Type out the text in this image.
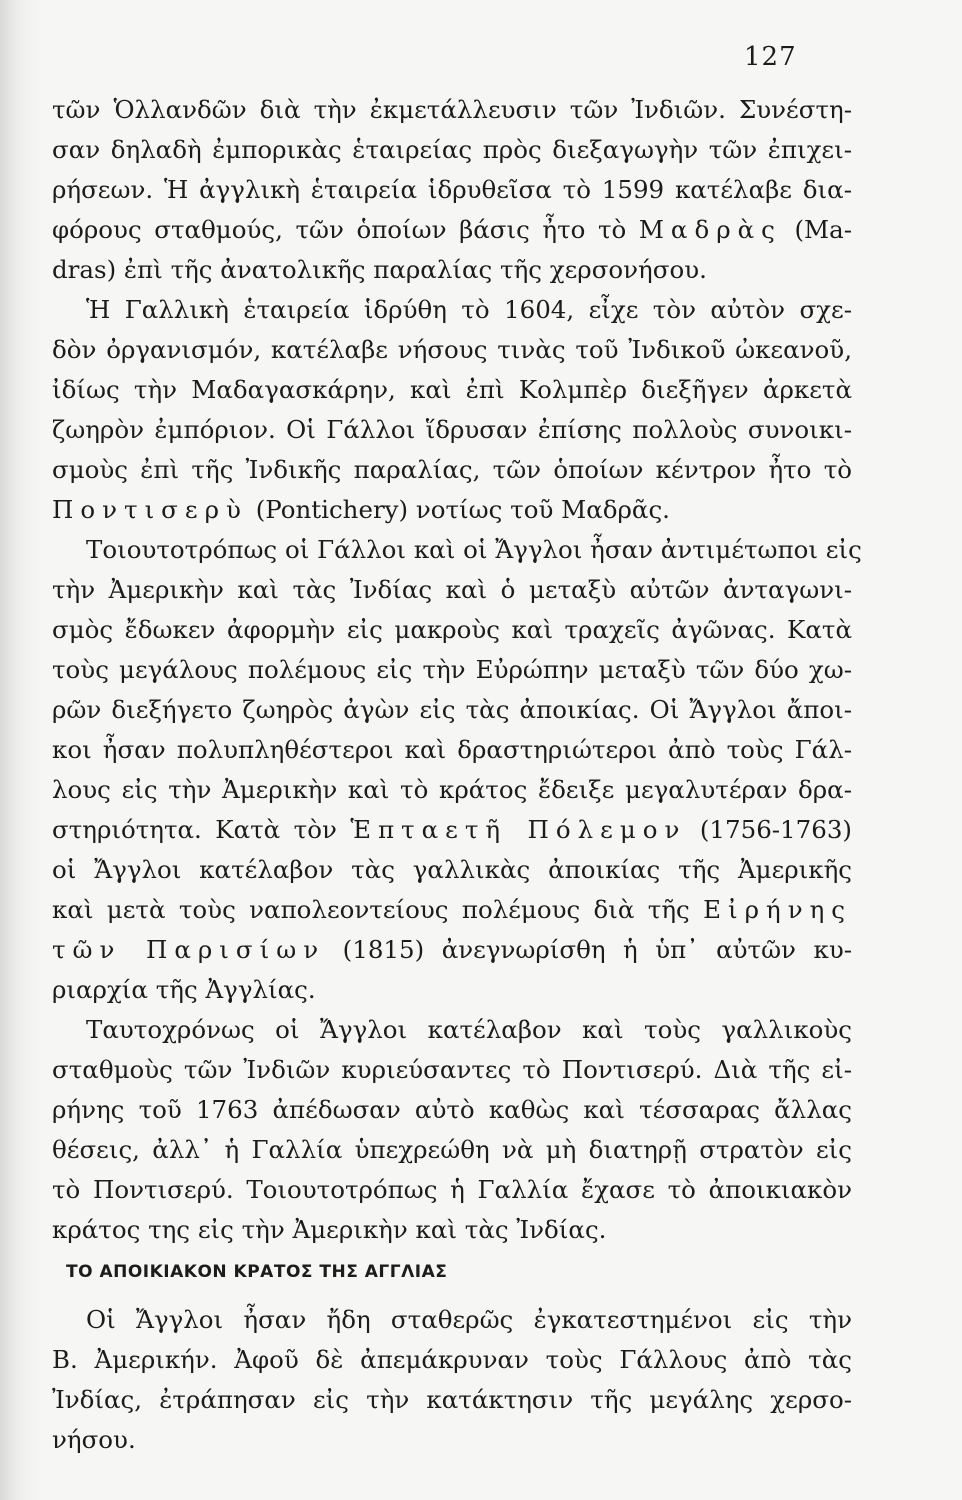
127
τῶν Ὁλλανδῶν διὰ τὴν ἐκμετάλλευσιν τῶν Ἰνδιῶν. Συνέστη-
σαν δηλαδὴ ἐμπορικὰς ἑταιρείας πρὸς διεξαγωγὴν τῶν ἐπιχει-
ρήσεων. Ἡ ἀγγλικὴ ἑταιρεία ἱδρυθεῖσα τὸ 1599 κατέλαβε δια-
φόρους σταθμούς, τῶν ὁποίων βάσις ἦτο τὸ Μαδρὰς (Ma-
dras) ἐπὶ τῆς ἀνατολικῆς παραλίας τῆς χερσονήσου.
Ἡ Γαλλικὴ ἑταιρεία ἱδρύθη τὸ 1604, εἶχε τὸν αὐτὸν σχε-
δὸν ὀργανισμόν, κατέλαβε νήσους τινὰς τοῦ Ἰνδικοῦ ὠκεανοῦ,
ἰδίως τὴν Μαδαγασκάρην, καὶ ἐπὶ Κολμπὲρ διεξῆγεν ἀρκετὰ
ζωηρὸν ἐμπόριον. Οἱ Γάλλοι ἵδρυσαν ἐπίσης πολλοὺς συνοικι-
σμοὺς ἐπὶ τῆς Ἰνδικῆς παραλίας, τῶν ὁποίων κέντρον ἦτο τὸ
Ποντισερὺ (Pontichery) νοτίως τοῦ Μαδρᾶς.
Τοιουτοτρόπως οἱ Γάλλοι καὶ οἱ Ἄγγλοι ἦσαν ἀντιμέτωποι εἰς
τὴν Ἀμερικὴν καὶ τὰς Ἰνδίας καὶ ὁ μεταξὺ αὐτῶν ἀνταγωνι-
σμὸς ἔδωκεν ἀφορμὴν εἰς μακροὺς καὶ τραχεῖς ἀγῶνας. Κατὰ
τοὺς μεγάλους πολέμους εἰς τὴν Εὐρώπην μεταξὺ τῶν δύο χω-
ρῶν διεξήγετο ζωηρὸς ἀγὼν εἰς τὰς ἀποικίας. Οἱ Ἄγγλοι ἄποι-
κοι ἦσαν πολυπληθέστεροι καὶ δραστηριώτεροι ἀπὸ τοὺς Γάλ-
λους εἰς τὴν Ἀμερικὴν καὶ τὸ κράτος ἔδειξε μεγαλυτέραν δρα-
στηριότητα. Κατὰ τὸν Ἑπταετῆ Πόλεμον (1756-1763)
οἱ Ἄγγλοι κατέλαβον τὰς γαλλικὰς ἀποικίας τῆς Ἀμερικῆς
καὶ μετὰ τοὺς ναπολεοντείους πολέμους διὰ τῆς Εἰρήνης
τῶν Παρισίων (1815) ἀνεγνωρίσθη ἡ ὑπ᾽ αὐτῶν κυ-
ριαρχία τῆς Ἀγγλίας.
Ταυτοχρόνως οἱ Ἄγγλοι κατέλαβον καὶ τοὺς γαλλικοὺς
σταθμοὺς τῶν Ἰνδιῶν κυριεύσαντες τὸ Ποντισερύ. Διὰ τῆς εἰ-
ρήνης τοῦ 1763 ἀπέδωσαν αὐτὸ καθὼς καὶ τέσσαρας ἄλλας
θέσεις, ἀλλ᾽ ἡ Γαλλία ὑπεχρεώθη νὰ μὴ διατηρῇ στρατὸν εἰς
τὸ Ποντισερύ. Τοιουτοτρόπως ἡ Γαλλία ἔχασε τὸ ἀποικιακὸν
κράτος της εἰς τὴν Ἀμερικὴν καὶ τὰς Ἰνδίας.
ΤΟ ΑΠΟΙΚΙΑΚΟΝ ΚΡΑΤΟΣ ΤΗΣ ΑΓΓΛΙΑΣ
Οἱ Ἄγγλοι ἦσαν ἤδη σταθερῶς ἐγκατεστημένοι εἰς τὴν
Β. Ἀμερικήν. Ἀφοῦ δὲ ἀπεμάκρυναν τοὺς Γάλλους ἀπὸ τὰς
Ἰνδίας, ἐτράπησαν εἰς τὴν κατάκτησιν τῆς μεγάλης χερσο-
νήσου.
